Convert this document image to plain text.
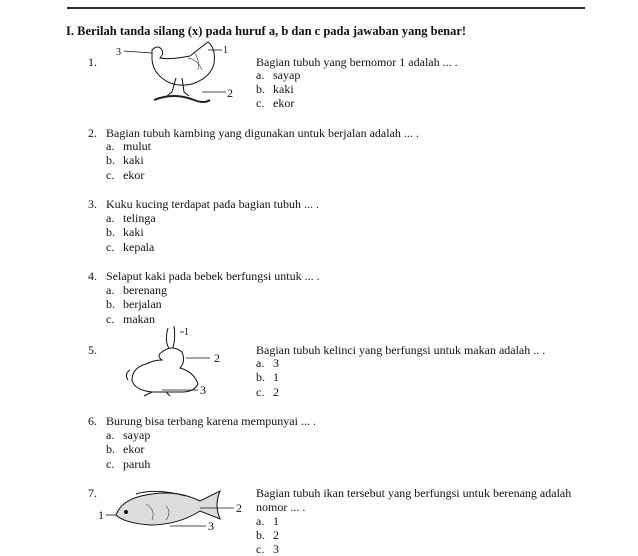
I. Berilah tanda silang (x) pada huruf a, b dan c pada jawaban yang benar!
1.
3	1
2
Bagian tubuh yang bernomor 1 adalah ... .
a. sayap
b. kaki
c. ekor
2. Bagian tubuh kambing yang digunakan untuk berjalan adalah ... .
a. mulut
b. kaki
c. ekor
3. Kuku kucing terdapat pada bagian tubuh ... .
a. telinga
b. kaki
c. kepala
4. Selaput kaki pada bebek berfungsi untuk ... .
a. berenang
b. berjalan
c. makan
5.
1
2
3
Bagian tubuh kelinci yang berfungsi untuk makan adalah .. .
a. 3
b. 1
c. 2
6. Burung bisa terbang karena mempunyai ... .
a. sayap
b. ekor
c. paruh
7.
1	2
3
Bagian tubuh ikan tersebut yang berfungsi untuk berenang adalah
nomor ... .
a. 1
b. 2
c. 3
